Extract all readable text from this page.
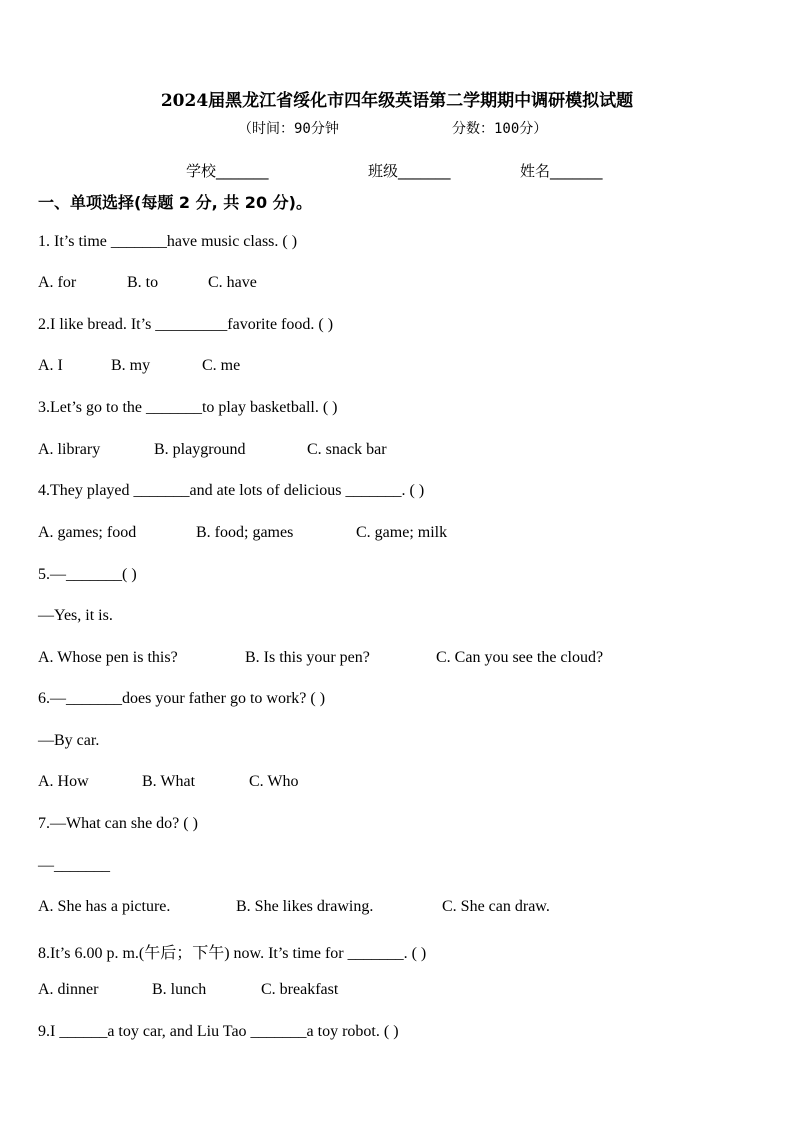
2024届黑龙江省绥化市四年级英语第二学期期中调研模拟试题
（时间：90分钟	分数：100分）
学校_______	班级_______	姓名_______
一、单项选择(每题 2 分, 共 20 分)。
1. It’s time _______have music class. ( )
A. for	B. to	C. have
2.I like bread. It’s _________favorite food. ( )
A. I	B. my	C. me
3.Let’s go to the _______to play basketball. ( )
A. library	B. playground	C. snack bar
4.They played _______and ate lots of delicious _______. ( )
A. games; food	B. food; games	C. game; milk
5.—_______( )
—Yes, it is.
A. Whose pen is this?	B. Is this your pen?	C. Can you see the cloud?
6.—_______does your father go to work? ( )
—By car.
A. How	B. What	C. Who
7.—What can she do? ( )
—_______
A. She has a picture.	B. She likes drawing.	C. She can draw.
8.It’s 6.00 p. m.(午后；下午) now. It’s time for _______. ( )
A. dinner	B. lunch	C. breakfast
9.I ______a toy car, and Liu Tao _______a toy robot. ( )
